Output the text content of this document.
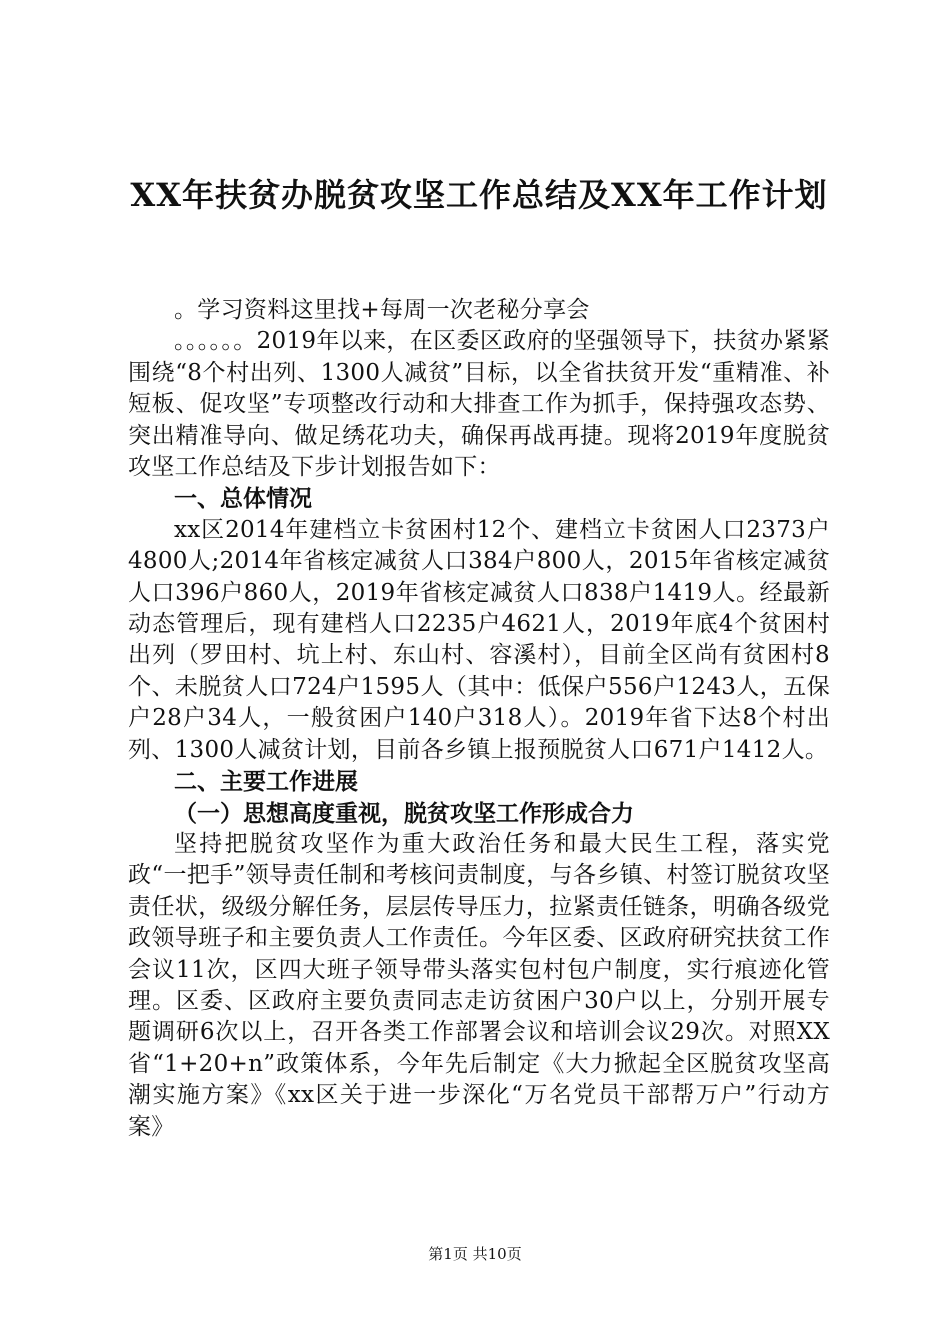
XX年扶贫办脱贫攻坚工作总结及XX年工作计划

。学习资料这里找+每周一次老秘分享会

。。。。。。2019年以来，在区委区政府的坚强领导下，扶贫办紧紧围绕“8个村出列、1300人减贫”目标，以全省扶贫开发“重精准、补短板、促攻坚”专项整改行动和大排查工作为抓手，保持强攻态势、突出精准导向、做足绣花功夫，确保再战再捷。现将2019年度脱贫攻坚工作总结及下步计划报告如下：

一、总体情况

xx区2014年建档立卡贫困村12个、建档立卡贫困人口2373户4800人;2014年省核定减贫人口384户800人，2015年省核定减贫人口396户860人，2019年省核定减贫人口838户1419人。经最新动态管理后，现有建档人口2235户4621人，2019年底4个贫困村出列（罗田村、坑上村、东山村、容溪村），目前全区尚有贫困村8个、未脱贫人口724户1595人（其中：低保户556户1243人，五保户28户34人，一般贫困户140户318人）。2019年省下达8个村出列、1300人减贫计划，目前各乡镇上报预脱贫人口671户1412人。

二、主要工作进展

（一）思想高度重视，脱贫攻坚工作形成合力

坚持把脱贫攻坚作为重大政治任务和最大民生工程，落实党政“一把手”领导责任制和考核问责制度，与各乡镇、村签订脱贫攻坚责任状，级级分解任务，层层传导压力，拉紧责任链条，明确各级党政领导班子和主要负责人工作责任。今年区委、区政府研究扶贫工作会议11次，区四大班子领导带头落实包村包户制度，实行痕迹化管理。区委、区政府主要负责同志走访贫困户30户以上，分别开展专题调研6次以上，召开各类工作部署会议和培训会议29次。对照XX省“1+20+n”政策体系，今年先后制定《大力掀起全区脱贫攻坚高潮实施方案》《xx区关于进一步深化“万名党员干部帮万户”行动方案》

第1页 共10页
